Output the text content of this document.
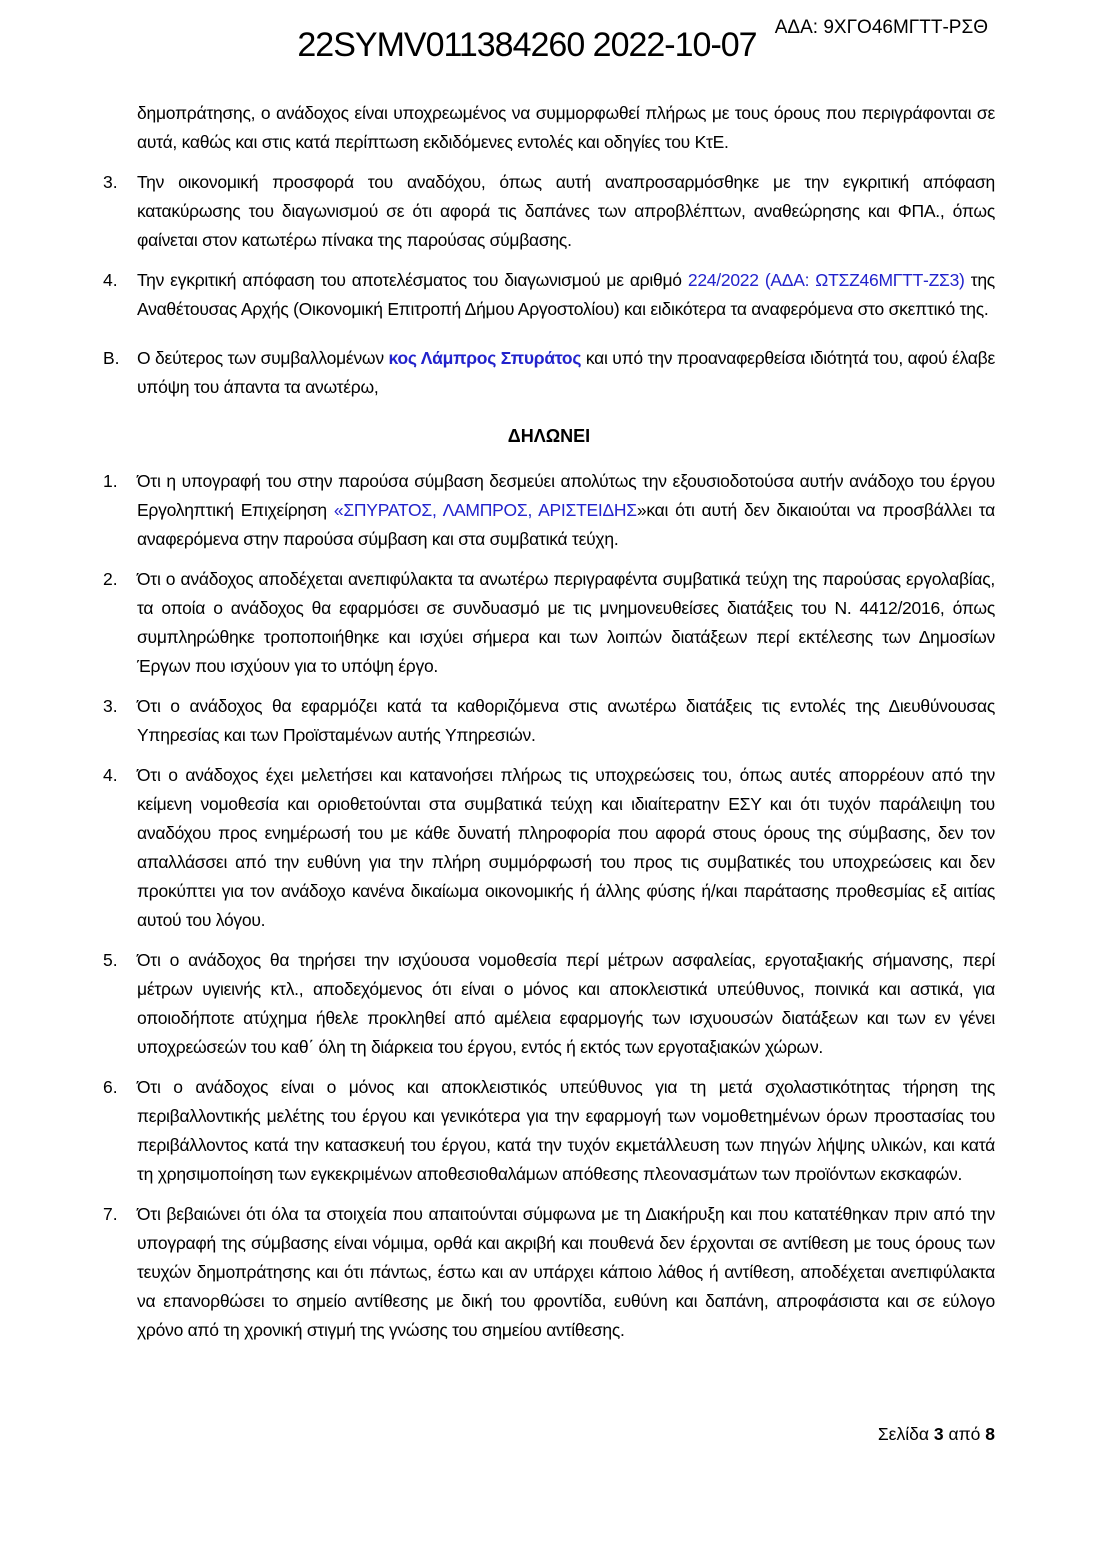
22SYMV011384260 2022-10-07 ΑΔΑ: 9ΧΓΟ46ΜΓΤΤ-ΡΣΘ

δημοπράτησης, ο ανάδοχος είναι υποχρεωμένος να συμμορφωθεί πλήρως με τους όρους που περιγράφονται σε αυτά, καθώς και στις κατά περίπτωση εκδιδόμενες εντολές και οδηγίες του ΚτΕ.

3.	Την οικονομική προσφορά του αναδόχου, όπως αυτή αναπροσαρμόσθηκε με την εγκριτική απόφαση κατακύρωσης του διαγωνισμού σε ότι αφορά τις δαπάνες των απροβλέπτων, αναθεώρησης και ΦΠΑ., όπως φαίνεται στον κατωτέρω πίνακα της παρούσας σύμβασης.

4.	Την εγκριτική απόφαση του αποτελέσματος του διαγωνισμού με αριθμό 224/2022 (ΑΔΑ: ΩΤΣΖ46ΜΓΤΤ-ΖΣ3) της Αναθέτουσας Αρχής (Οικονομική Επιτροπή Δήμου Αργοστολίου) και ειδικότερα τα αναφερόμενα στο σκεπτικό της.

Β. Ο δεύτερος των συμβαλλομένων κος Λάμπρος Σπυράτος και υπό την προαναφερθείσα ιδιότητά του, αφού έλαβε υπόψη του άπαντα τα ανωτέρω,

ΔΗΛΩΝΕΙ
1.	Ότι η υπογραφή του στην παρούσα σύμβαση δεσμεύει απολύτως την εξουσιοδοτούσα αυτήν ανάδοχο του έργου Εργοληπτική Επιχείρηση «ΣΠΥΡΑΤΟΣ, ΛΑΜΠΡΟΣ, ΑΡΙΣΤΕΙΔΗΣ»και ότι αυτή δεν δικαιούται να προσβάλλει τα αναφερόμενα στην παρούσα σύμβαση και στα συμβατικά τεύχη.

2.	Ότι ο ανάδοχος αποδέχεται ανεπιφύλακτα τα ανωτέρω περιγραφέντα συμβατικά τεύχη της παρούσας εργολαβίας, τα οποία ο ανάδοχος θα εφαρμόσει σε συνδυασμό με τις μνημονευθείσες διατάξεις του Ν. 4412/2016, όπως συμπληρώθηκε τροποποιήθηκε και ισχύει σήμερα και των λοιπών διατάξεων περί εκτέλεσης των Δημοσίων Έργων που ισχύουν για το υπόψη έργο.

3.	Ότι ο ανάδοχος θα εφαρμόζει κατά τα καθοριζόμενα στις ανωτέρω διατάξεις τις εντολές της Διευθύνουσας Υπηρεσίας και των Προϊσταμένων αυτής Υπηρεσιών.

4.	Ότι ο ανάδοχος έχει μελετήσει και κατανοήσει πλήρως τις υποχρεώσεις του, όπως αυτές απορρέουν από την κείμενη νομοθεσία και οριοθετούνται στα συμβατικά τεύχη και ιδιαίτερατην ΕΣΥ και ότι τυχόν παράλειψη του αναδόχου προς ενημέρωσή του με κάθε δυνατή πληροφορία που αφορά στους όρους της σύμβασης, δεν τον απαλλάσσει από την ευθύνη για την πλήρη συμμόρφωσή του προς τις συμβατικές του υποχρεώσεις και δεν προκύπτει για τον ανάδοχο κανένα δικαίωμα οικονομικής ή άλλης φύσης ή/και παράτασης προθεσμίας εξ αιτίας αυτού του λόγου.

5.	Ότι ο ανάδοχος θα τηρήσει την ισχύουσα νομοθεσία περί μέτρων ασφαλείας, εργοταξιακής σήμανσης, περί μέτρων υγιεινής κτλ., αποδεχόμενος ότι είναι ο μόνος και αποκλειστικά υπεύθυνος, ποινικά και αστικά, για οποιοδήποτε ατύχημα ήθελε προκληθεί από αμέλεια εφαρμογής των ισχυουσών διατάξεων και των εν γένει υποχρεώσεών του καθ΄ όλη τη διάρκεια του έργου, εντός ή εκτός των εργοταξιακών χώρων.

6.	Ότι ο ανάδοχος είναι ο μόνος και αποκλειστικός υπεύθυνος για τη μετά σχολαστικότητας τήρηση της περιβαλλοντικής μελέτης του έργου και γενικότερα για την εφαρμογή των νομοθετημένων όρων προστασίας του περιβάλλοντος κατά την κατασκευή του έργου, κατά την τυχόν εκμετάλλευση των πηγών λήψης υλικών, και κατά τη χρησιμοποίηση των εγκεκριμένων αποθεσιοθαλάμων απόθεσης πλεονασμάτων των προϊόντων εκσκαφών.

7.	Ότι βεβαιώνει ότι όλα τα στοιχεία που απαιτούνται σύμφωνα με τη Διακήρυξη και που κατατέθηκαν πριν από την υπογραφή της σύμβασης είναι νόμιμα, ορθά και ακριβή και πουθενά δεν έρχονται σε αντίθεση με τους όρους των τευχών δημοπράτησης και ότι πάντως, έστω και αν υπάρχει κάποιο λάθος ή αντίθεση, αποδέχεται ανεπιφύλακτα να επανορθώσει το σημείο αντίθεσης με δική του φροντίδα, ευθύνη και δαπάνη, απροφάσιστα και σε εύλογο χρόνο από τη χρονική στιγμή της γνώσης του σημείου αντίθεσης.

Σελίδα 3 από 8
